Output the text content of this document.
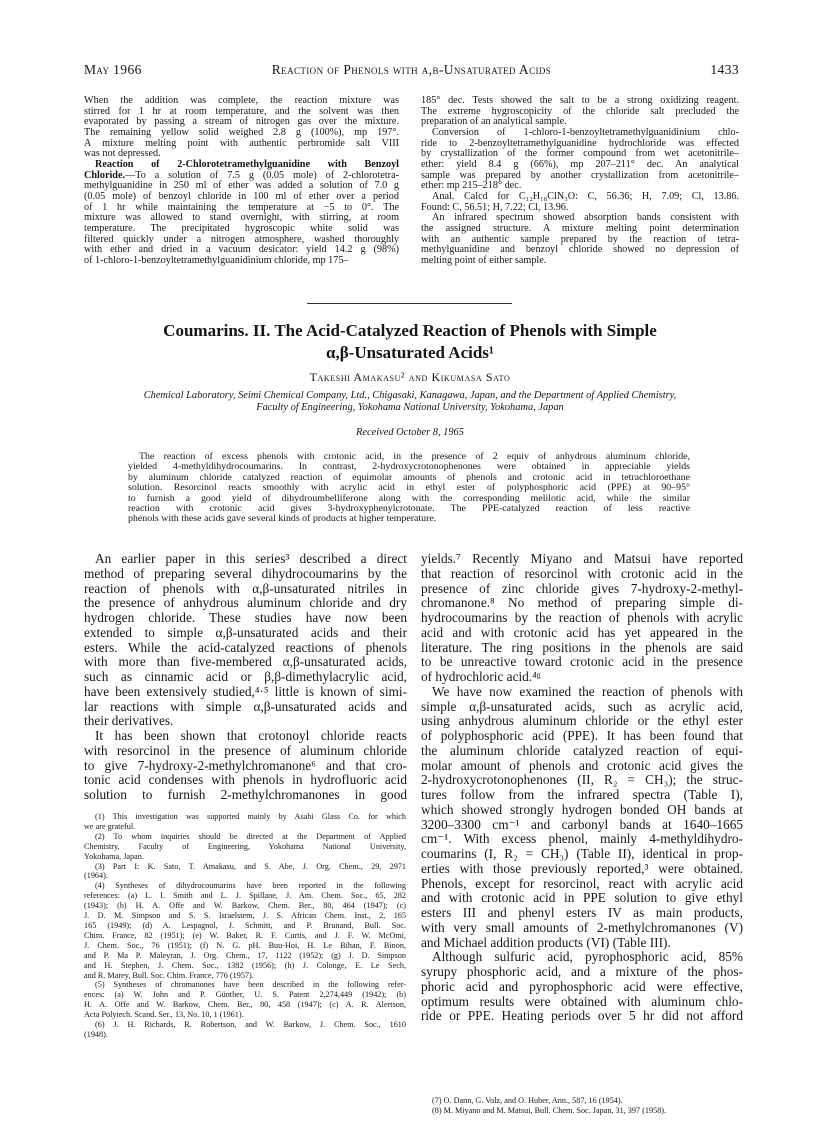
May 1966	Reaction of Phenols with α,β-Unsaturated Acids	1433
When the addition was complete, the reaction mixture was
stirred for 1 hr at room temperature, and the solvent was then
evaporated by passing a stream of nitrogen gas over the mixture.
The remaining yellow solid weighed 2.8 g (100%), mp 197°.
A mixture melting point with authentic perbromide salt VIII
was not depressed.
Reaction of 2-Chlorotetramethylguanidine with Benzoyl
Chloride.—To a solution of 7.5 g (0.05 mole) of 2-chlorotetra-
methylguanidine in 250 ml of ether was added a solution of 7.0 g
(0.05 mole) of benzoyl chloride in 100 ml of ether over a period
of 1 hr while maintaining the temperature at −5 to 0°. The
mixture was allowed to stand overnight, with stirring, at room
temperature. The precipitated hygroscopic white solid was
filtered quickly under a nitrogen atmosphere, washed thoroughly
with ether and dried in a vacuum desicator: yield 14.2 g (98%)
of 1-chloro-1-benzoyltetramethylguanidinium chloride, mp 175–
185° dec. Tests showed the salt to be a strong oxidizing reagent.
The extreme hygroscopicity of the chloride salt precluded the
preparation of an analytical sample.
Conversion of 1-chloro-1-benzoyltetramethylguanidinium chlo-
ride to 2-benzoyltetramethylguanidine hydrochloride was effected
by crystallization of the former compound from wet acetonitrile–
ether: yield 8.4 g (66%), mp 207–211° dec. An analytical
sample was prepared by another crystallization from acetonitrile–
ether: mp 215–218° dec.
Anal. Calcd for C₁₂H₁₈ClN₃O: C, 56.36; H, 7.09; Cl, 13.86.
Found: C, 56.51; H, 7.22; Cl, 13.96.
An infrared spectrum showed absorption bands consistent with
the assigned structure. A mixture melting point determination
with an authentic sample prepared by the reaction of tetra-
methylguanidine and benzoyl chloride showed no depression of
melting point of either sample.
Coumarins. II. The Acid-Catalyzed Reaction of Phenols with Simple
α,β-Unsaturated Acids¹
Takeshi Amakasu² and Kikumasa Sato
Chemical Laboratory, Seimi Chemical Company, Ltd., Chigasaki, Kanagawa, Japan, and the Department of Applied Chemistry,
Faculty of Engineering, Yokohama National University, Yokohama, Japan
Received October 8, 1965
The reaction of excess phenols with crotonic acid, in the presence of 2 equiv of anhydrous aluminum chloride,
yielded 4-methyldihydrocoumarins. In contrast, 2-hydroxycrotonophenones were obtained in appreciable yields
by aluminum chloride catalyzed reaction of equimolar amounts of phenols and crotonic acid in tetrachloroethane
solution. Resorcinol reacts smoothly with acrylic acid in ethyl ester of polyphosphoric acid (PPE) at 90–95°
to furnish a good yield of dihydroumbelliferone along with the corresponding melilotic acid, while the similar
reaction with crotonic acid gives 3-hydroxyphenylcrotonate. The PPE-catalyzed reaction of less reactive
phenols with these acids gave several kinds of products at higher temperature.
An earlier paper in this series³ described a direct
method of preparing several dihydrocoumarins by the
reaction of phenols with α,β-unsaturated nitriles in
the presence of anhydrous aluminum chloride and dry
hydrogen chloride. These studies have now been
extended to simple α,β-unsaturated acids and their
esters. While the acid-catalyzed reactions of phenols
with more than five-membered α,β-unsaturated acids,
such as cinnamic acid or β,β-dimethylacrylic acid,
have been extensively studied,⁴·⁵ little is known of simi-
lar reactions with simple α,β-unsaturated acids and
their derivatives.
It has been shown that crotonoyl chloride reacts
with resorcinol in the presence of aluminum chloride
to give 7-hydroxy-2-methylchromanone⁶ and that cro-
tonic acid condenses with phenols in hydrofluoric acid
solution to furnish 2-methylchromanones in good
yields.⁷ Recently Miyano and Matsui have reported
that reaction of resorcinol with crotonic acid in the
presence of zinc chloride gives 7-hydroxy-2-methyl-
chromanone.⁸ No method of preparing simple di-
hydrocoumarins by the reaction of phenols with acrylic
acid and with crotonic acid has yet appeared in the
literature. The ring positions in the phenols are said
to be unreactive toward crotonic acid in the presence
of hydrochloric acid.⁴ᵍ
We have now examined the reaction of phenols with
simple α,β-unsaturated acids, such as acrylic acid,
using anhydrous aluminum chloride or the ethyl ester
of polyphosphoric acid (PPE). It has been found that
the aluminum chloride catalyzed reaction of equi-
molar amount of phenols and crotonic acid gives the
2-hydroxycrotonophenones (II, R₂ = CH₃); the struc-
tures follow from the infrared spectra (Table I),
which showed strongly hydrogen bonded OH bands at
3200–3300 cm⁻¹ and carbonyl bands at 1640–1665
cm⁻¹. With excess phenol, mainly 4-methyldihydro-
coumarins (I, R₂ = CH₃) (Table II), identical in prop-
erties with those previously reported,³ were obtained.
Phenols, except for resorcinol, react with acrylic acid
and with crotonic acid in PPE solution to give ethyl
esters III and phenyl esters IV as main products,
with very small amounts of 2-methylchromanones (V)
and Michael addition products (VI) (Table III).
Although sulfuric acid, pyrophosphoric acid, 85%
syrupy phosphoric acid, and a mixture of the phos-
phoric acid and pyrophosphoric acid were effective,
optimum results were obtained with aluminum chlo-
ride or PPE. Heating periods over 5 hr did not afford
(1) This investigation was supported mainly by Asahi Glass Co. for which
we are grateful.
(2) To whom inquiries should be directed at the Department of Applied
Chemistry, Faculty of Engineering, Yokohama National University,
Yokohama, Japan.
(3) Part I: K. Sato, T. Amakasu, and S. Abe, J. Org. Chem., 29, 2971
(1964).
(4) Syntheses of dihydrocoumarins have been reported in the following
references: (a) L. I. Smith and L. J. Spillane, J. Am. Chem. Soc., 65, 282
(1943); (b) H. A. Offe and W. Barkow, Chem. Ber., 80, 464 (1947); (c)
J. D. M. Simpson and S. S. Israelstem, J. S. African Chem. Inst., 2, 165
165 (1949); (d) A. Lespagnol, J. Schmitt, and P. Brunand, Bull. Soc.
Chim. France, 82 (1951); (e) W. Baker, R. F. Curtis, and J. F. W. McOmi,
J. Chem. Soc., 76 (1951); (f) N. G. pH. Buu-Hoi, H. Le Bihan, F. Binon,
and P. Ma P. Maleyran, J. Org. Chem., 17, 1122 (1952); (g) J. D. Simpson
and H. Stephen, J. Chem. Soc., 1382 (1956); (h) J. Colonge, E. Le Sech,
and R. Marey, Bull. Soc. Chim. France, 776 (1957).
(5) Syntheses of chromanones have been described in the following refer-
ences: (a) W. John and P. Günther, U. S. Patent 2,274,449 (1942); (b)
H. A. Offe and W. Barkow, Chem. Ber., 80, 458 (1947); (c) A. R. Alertson,
Acta Polytech. Scand. Ser., 13, No. 10, 1 (1961).
(6) J. H. Richards, R. Robertson, and W. Barkow, J. Chem. Soc., 1610
(1948).
(7) O. Dann, G. Volz, and O. Huber, Ann., 587, 16 (1954).
(8) M. Miyano and M. Matsui, Bull. Chem. Soc. Japan, 31, 397 (1958).
